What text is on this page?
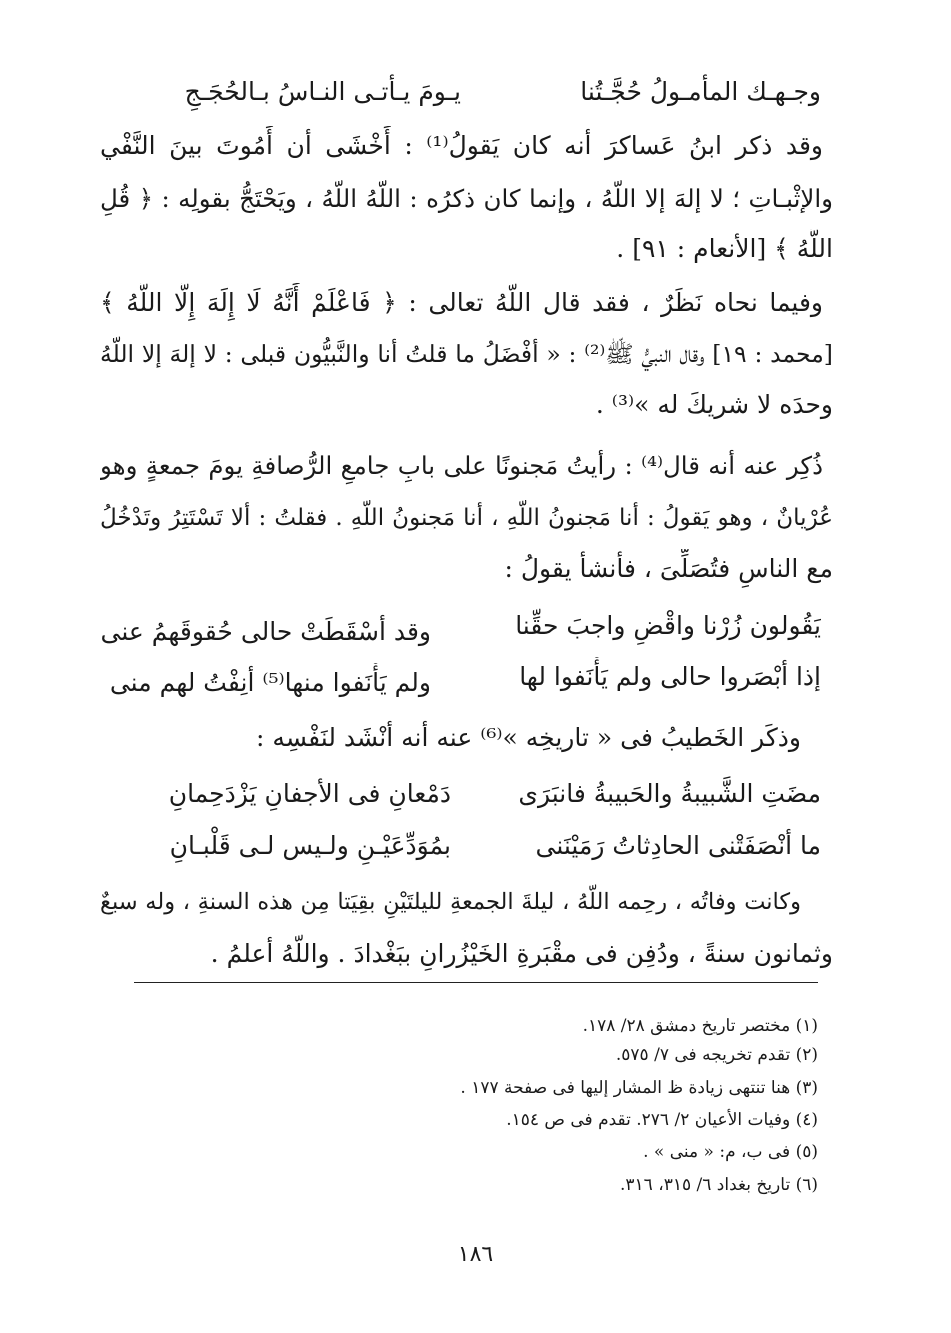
وجـهـك المأمـولُ حُجَّـتُنا
يـومَ يـأتـى النـاسُ بـالحُجَـجِ
وقد ذكر ابنُ عَساكرَ أنه كان يَقولُ⁽¹⁾ : أَخْشَى أن أَمُوتَ بينَ النَّفْي
والإثْبـاتِ ؛ لا إلهَ إلا اللّهُ ، وإنما كان ذكرُه : اللّهُ اللّهُ ، ويَحْتَجُّ بقولِه : ﴿ قُلِ
اللَّهُ ﴾ [الأنعام : ٩١] .
وفيما نحاه نَظَرٌ ، فقد قال اللّهُ تعالى : ﴿ فَاعْلَمْ أَنَّهُ لَا إِلَهَ إِلَّا اللَّهُ ﴾
[محمد : ١٩] وقال النبيُّ ﷺ⁽²⁾ : « أفْضَلُ ما قلتُ أنا والنَّبيُّون قبلى : لا إلهَ إلا اللّهُ
وحدَه لا شريكَ له »⁽³⁾ .
ذُكِر عنه أنه قال⁽⁴⁾ : رأيتُ مَجنونًا على بابِ جامعِ الرُّصافةِ يومَ جمعةٍ وهو
عُرْيانٌ ، وهو يَقولُ : أنا مَجنونُ اللّهِ ، أنا مَجنونُ اللّهِ . فقلتُ : ألا تَسْتَتِرُ وتَدْخُلُ
مع الناسِ فتُصَلِّىَ ، فأنشأ يقولُ :
يَقُولون زُرْنا واقْضِ واجبَ حقِّنا
وقد أسْقَطَتْ حالى حُقوقَهمُ عنى
إذا أبْصَروا حالى ولم يَأْنَفوا لها
ولم يَأْنَفوا منها⁽⁵⁾ أنِفْتُ لهم منى
وذكَر الخَطيبُ فى « تاريخِه »⁽⁶⁾ عنه أنه أنْشَد لنَفْسِه :
مضَتِ الشَّبيبةُ والحَبيبةُ فانبَرَى
دَمْعانِ فى الأجفانِ يَزْدَحِمانِ
ما أنْصَفَتْنى الحادِثاتُ رَمَيْنَنى
بمُوَدِّعَيْـنِ ولـيس لـى قَلْبـانِ
وكانت وفاتُه ، رحِمه اللّهُ ، ليلةَ الجمعةِ لليلتَيْنِ بقِيَتا مِن هذه السنةِ ، وله سبعٌ
وثمانون سنةً ، ودُفِن فى مقْبَرةِ الخَيْزُرانِ ببَغْدادَ . واللّهُ أعلمُ .
(١) مختصر تاريخ دمشق ٢٨/ ١٧٨.
(٢) تقدم تخريجه فى ٧/ ٥٧٥.
(٣) هنا تنتهى زيادة ظ المشار إليها فى صفحة ١٧٧ .
(٤) وفيات الأعيان ٢/ ٢٧٦. تقدم فى ص ١٥٤.
(٥) فى ب، م: « منى » .
(٦) تاريخ بغداد ٦/ ٣١٥، ٣١٦.
١٨٦
